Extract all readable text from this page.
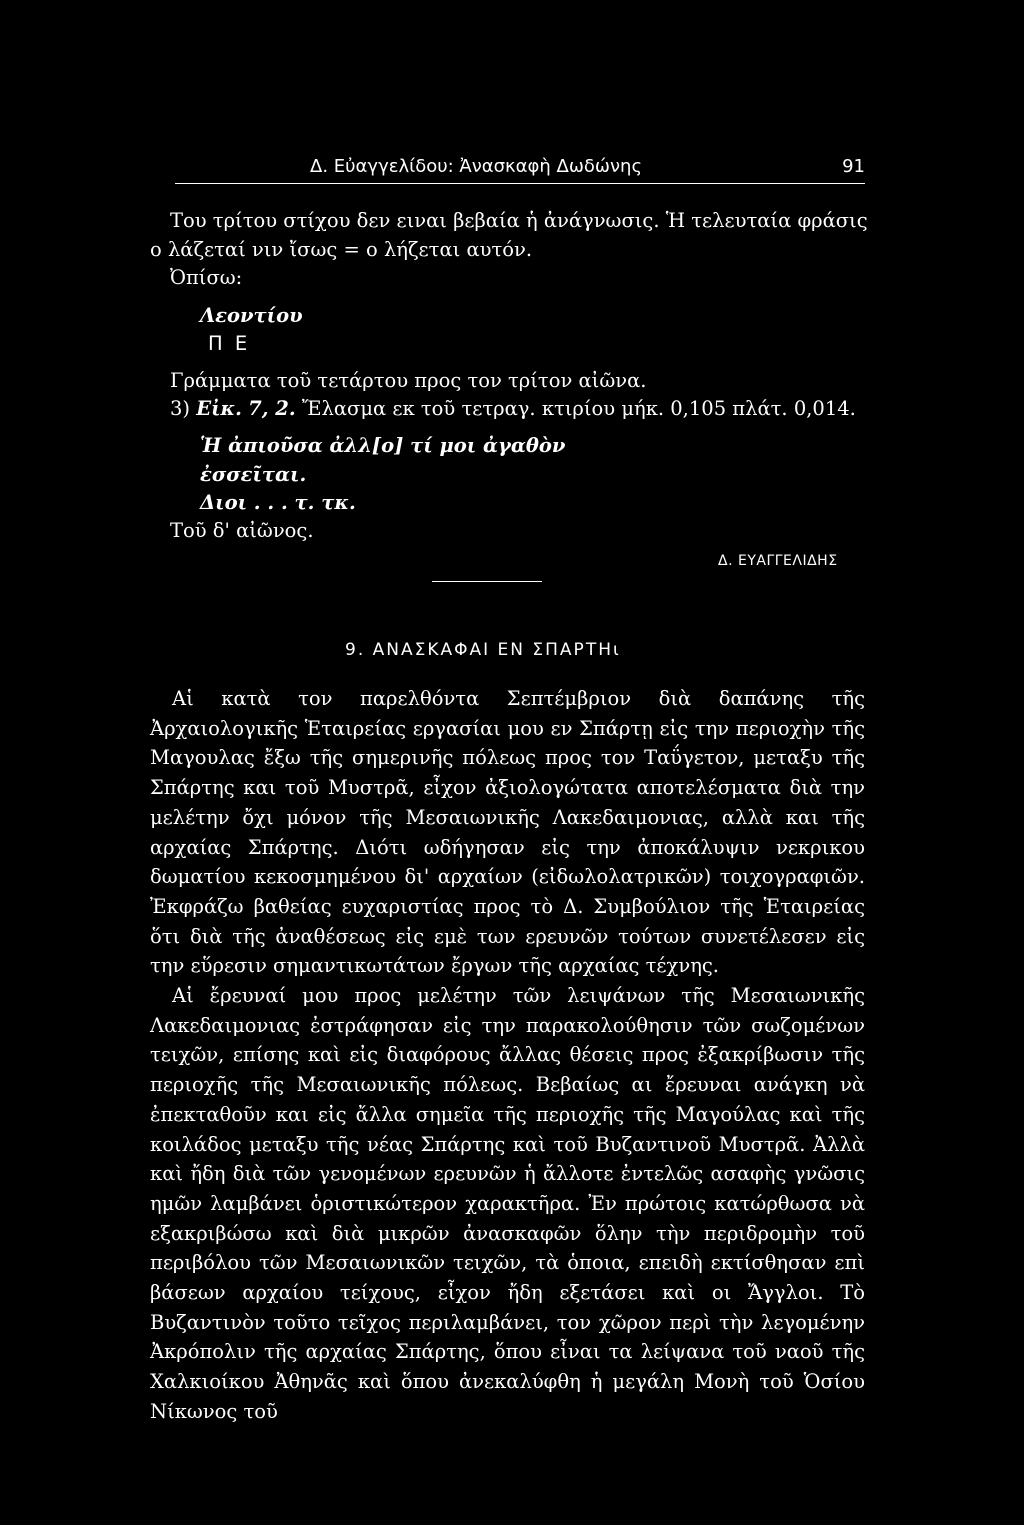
Δ. Εὐαγγελίδου: Ἀνασκαφὴ Δωδώνης	91
Του τρίτου στίχου δεν ειναι βεβαία ἡ ἀνάγνωσις. Ἡ τελευταία φράσις
ο λάζεταί νιν ἴσως = ο λήζεται αυτόν.
Ὀπίσω:
Λεοντίου
Π Ε
Γράμματα τοῦ τετάρτου προς τον τρίτον αἰῶνα.
3) Εἰκ. 7, 2. Ἔλασμα εκ τοῦ τετραγ. κτιρίου μήκ. 0,105 πλάτ. 0,014.
Ἡ ἀπιοῦσα ἀλλ[ο] τί μοι ἀγαθὸν
ἐσσεῖται.
Διοι . . . τ. τκ.
Τοῦ δ' αἰῶνος.
Δ. ΕΥΑΓΓΕΛΙΔΗΣ
9. ΑΝΑΣΚΑΦΑΙ ΕΝ ΣΠΑΡΤΗι

Αἱ κατὰ τον παρελθόντα Σεπτέμβριον διὰ δαπάνης τῆς Ἀρχαιολογικῆς Ἑταιρείας εργασίαι μου εν Σπάρτῃ εἰς την περιοχὴν τῆς Μαγουλας ἔξω τῆς σημερινῆς πόλεως προς τον Ταΰγετον, μεταξυ τῆς Σπάρτης και τοῦ Μυστρᾶ, εἶχον ἀξιολογώτατα αποτελέσματα διὰ την μελέτην ὄχι μόνον τῆς Μεσαιωνικῆς Λακεδαιμονιας, αλλὰ και τῆς αρχαίας Σπάρτης. Διότι ωδήγησαν εἰς την ἀποκάλυψιν νεκρικου δωματίου κεκοσμημένου δι' αρχαίων (εἰδωλολατρικῶν) τοιχογραφιῶν. Ἐκφράζω βαθείας ευχαριστίας προς τὸ Δ. Συμβούλιον τῆς Ἑταιρείας ὅτι διὰ τῆς ἀναθέσεως εἰς εμὲ των ερευνῶν τούτων συνετέλεσεν εἰς την εὕρεσιν σημαντικωτάτων ἔργων τῆς αρχαίας τέχνης.

Αἱ ἔρευναί μου προς μελέτην τῶν λειψάνων τῆς Μεσαιωνικῆς Λακεδαιμονιας ἐστράφησαν εἰς την παρακολούθησιν τῶν σωζομένων τειχῶν, επίσης καὶ εἰς διαφόρους ἄλλας θέσεις προς ἐξακρίβωσιν τῆς περιοχῆς τῆς Μεσαιωνικῆς πόλεως. Βεβαίως αι ἔρευναι ανάγκη νὰ ἐπεκταθοῦν και εἰς ἄλλα σημεῖα τῆς περιοχῆς τῆς Μαγούλας καὶ τῆς κοιλάδος μεταξυ τῆς νέας Σπάρτης καὶ τοῦ Βυζαντινοῦ Μυστρᾶ. Ἀλλὰ καὶ ἤδη διὰ τῶν γενομένων ερευνῶν ἡ ἄλλοτε ἐντελῶς ασαφὴς γνῶσις ημῶν λαμβάνει ὁριστικώτερον χαρακτῆρα. Ἐν πρώτοις κατώρθωσα νὰ εξακριβώσω καὶ διὰ μικρῶν ἀνασκαφῶν ὅλην τὴν περιδρομὴν τοῦ περιβόλου τῶν Μεσαιωνικῶν τειχῶν, τὰ ὁποια, επειδὴ εκτίσθησαν επὶ βάσεων αρχαίου τείχους, εἶχον ἤδη εξετάσει καὶ οι Ἄγγλοι. Τὸ Βυζαντινὸν τοῦτο τεῖχος περιλαμβάνει, τον χῶρον περὶ τὴν λεγομένην Ἀκρόπολιν τῆς αρχαίας Σπάρτης, ὅπου εἶναι τα λείψανα τοῦ ναοῦ τῆς Χαλκιοίκου Ἀθηνᾶς καὶ ὅπου ἀνεκαλύφθη ἡ μεγάλη Μονὴ τοῦ Ὁσίου Νίκωνος τοῦ
